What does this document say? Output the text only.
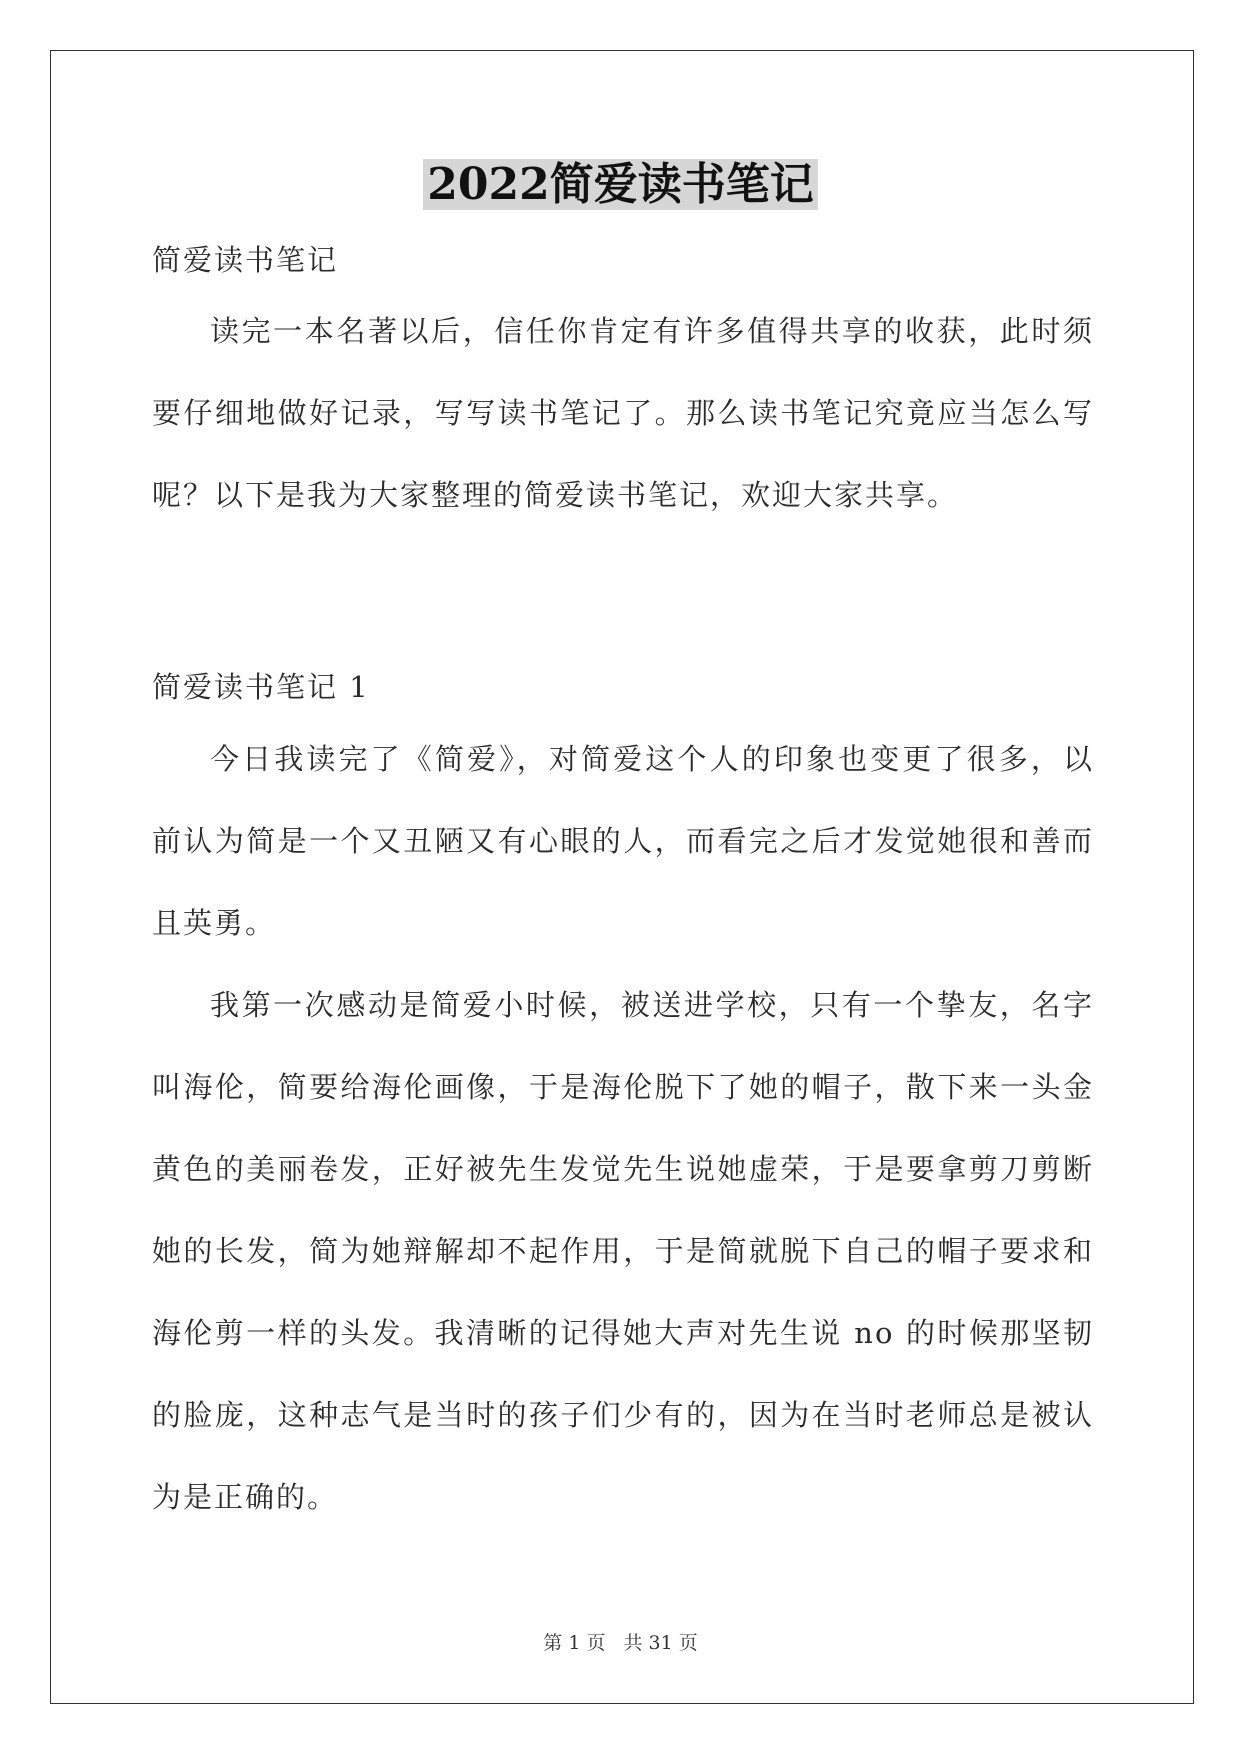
2022简爱读书笔记
简爱读书笔记

读完一本名著以后，信任你肯定有许多值得共享的收获，此时须要仔细地做好记录，写写读书笔记了。那么读书笔记究竟应当怎么写呢？以下是我为大家整理的简爱读书笔记，欢迎大家共享。

简爱读书笔记 1

今日我读完了《简爱》，对简爱这个人的印象也变更了很多，以前认为简是一个又丑陋又有心眼的人，而看完之后才发觉她很和善而且英勇。

我第一次感动是简爱小时候，被送进学校，只有一个挚友，名字叫海伦，简要给海伦画像，于是海伦脱下了她的帽子，散下来一头金黄色的美丽卷发，正好被先生发觉先生说她虚荣，于是要拿剪刀剪断她的长发，简为她辩解却不起作用，于是简就脱下自己的帽子要求和海伦剪一样的头发。我清晰的记得她大声对先生说 no 的时候那坚韧的脸庞，这种志气是当时的孩子们少有的，因为在当时老师总是被认为是正确的。

第 1 页 共 31 页
